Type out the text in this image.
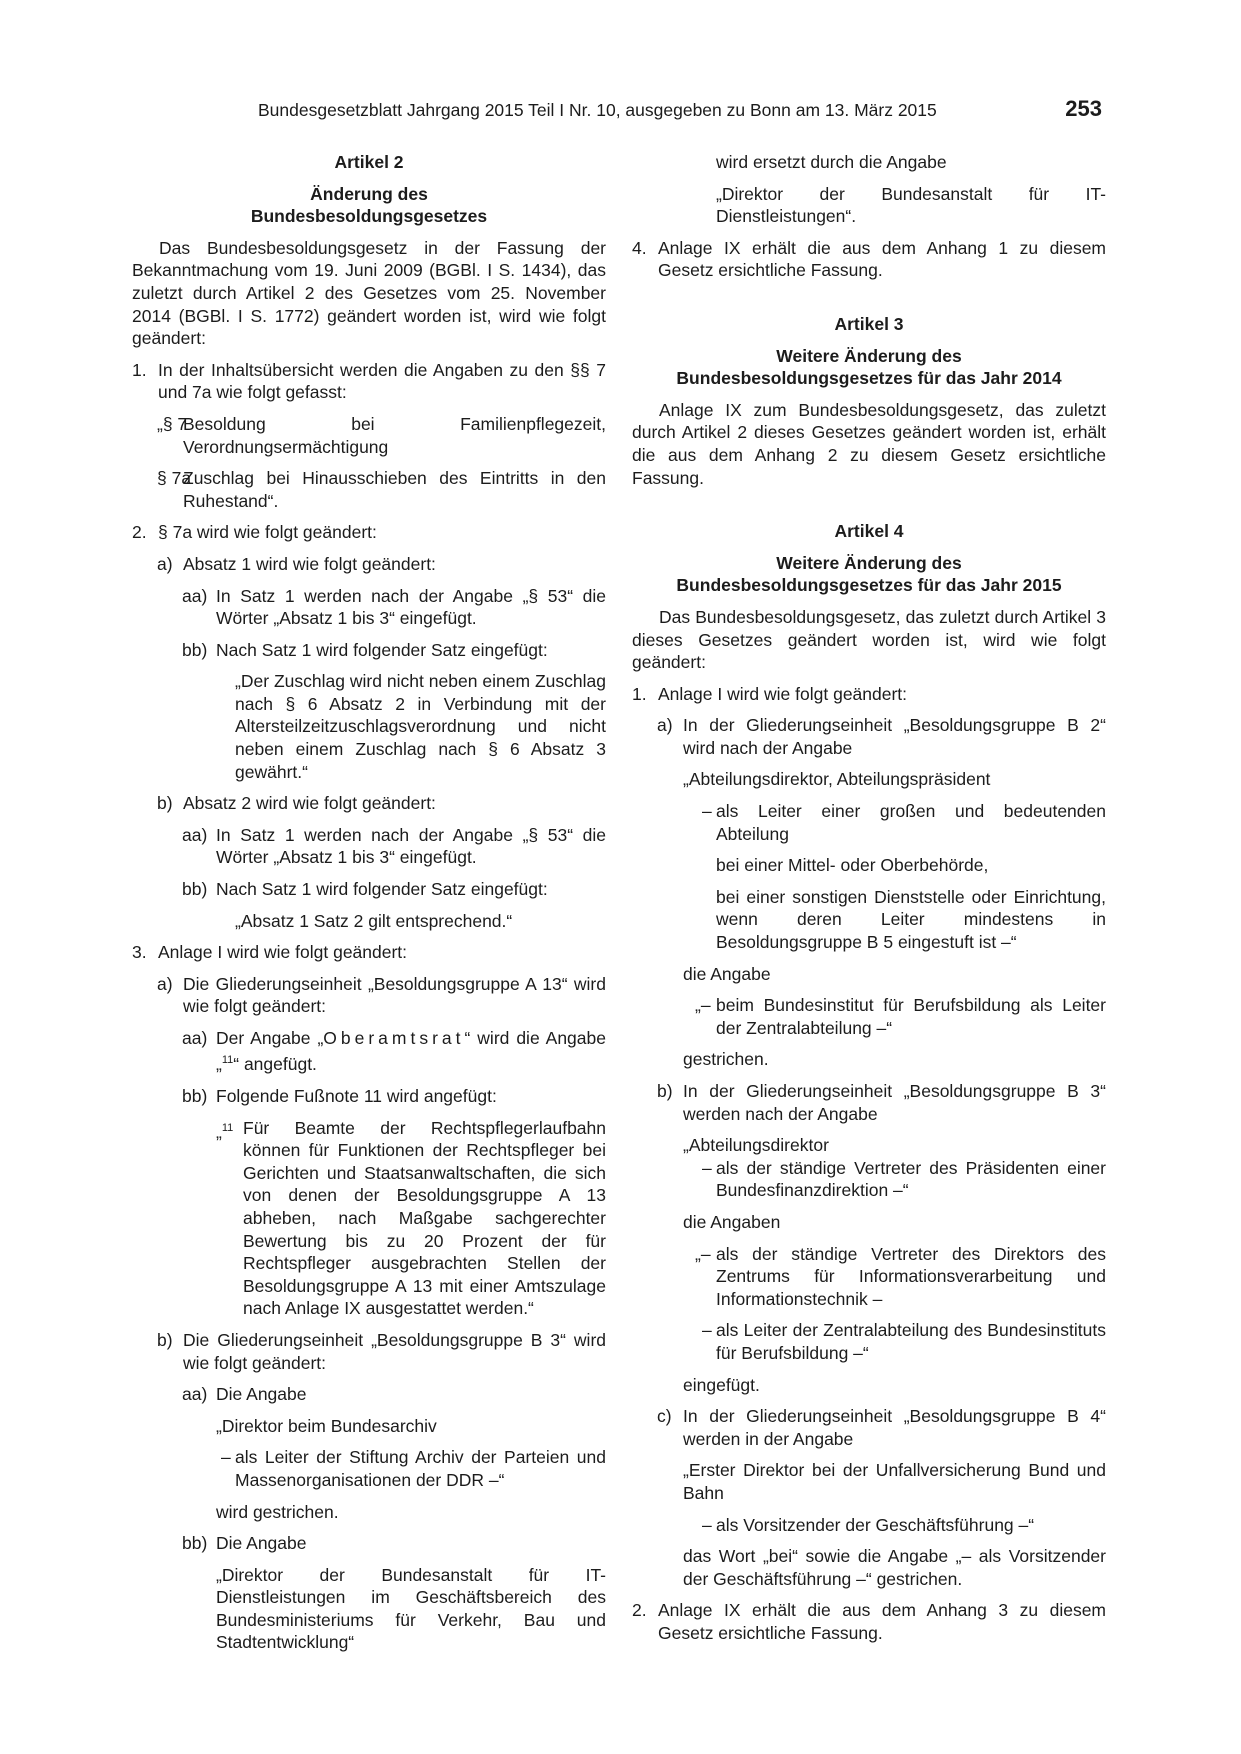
Bundesgesetzblatt Jahrgang 2015 Teil I Nr. 10, ausgegeben zu Bonn am 13. März 2015	253
Artikel 2
Änderung des
Bundesbesoldungsgesetzes

Das Bundesbesoldungsgesetz in der Fassung der Bekanntmachung vom 19. Juni 2009 (BGBl. I S. 1434), das zuletzt durch Artikel 2 des Gesetzes vom 25. November 2014 (BGBl. I S. 1772) geändert worden ist, wird wie folgt geändert:

1. In der Inhaltsübersicht werden die Angaben zu den §§ 7 und 7a wie folgt gefasst:
„§ 7
Besoldung bei Familienpflegezeit, Verordnungsermächtigung
§ 7a
Zuschlag bei Hinausschieben des Eintritts in den Ruhestand“.
2. § 7a wird wie folgt geändert:
a) Absatz 1 wird wie folgt geändert:
aa) In Satz 1 werden nach der Angabe „§ 53“ die Wörter „Absatz 1 bis 3“ eingefügt.
bb) Nach Satz 1 wird folgender Satz eingefügt:

„Der Zuschlag wird nicht neben einem Zuschlag nach § 6 Absatz 2 in Verbindung mit der Altersteilzeitzuschlagsverordnung und nicht neben einem Zuschlag nach § 6 Absatz 3 gewährt.“

b) Absatz 2 wird wie folgt geändert:
aa) In Satz 1 werden nach der Angabe „§ 53“ die Wörter „Absatz 1 bis 3“ eingefügt.
bb) Nach Satz 1 wird folgender Satz eingefügt:

„Absatz 1 Satz 2 gilt entsprechend.“

3. Anlage I wird wie folgt geändert:
a) Die Gliederungseinheit „Besoldungsgruppe A 13“ wird wie folgt geändert:
aa) Der Angabe „Oberamtsrat“ wird die Angabe „$^{11}$“ angefügt.
bb) Folgende Fußnote 11 wird angefügt:
„$^{11}$ Für Beamte der Rechtspflegerlaufbahn können für Funktionen der Rechtspfleger bei Gerichten und Staatsanwaltschaften, die sich von denen der Besoldungsgruppe A 13 abheben, nach Maßgabe sachgerechter Bewertung bis zu 20 Prozent der für Rechtspfleger ausgebrachten Stellen der Besoldungsgruppe A 13 mit einer Amtszulage nach Anlage IX ausgestattet werden.“
b) Die Gliederungseinheit „Besoldungsgruppe B 3“ wird wie folgt geändert:
aa) Die Angabe

„Direktor beim Bundesarchiv

– als Leiter der Stiftung Archiv der Parteien und Massenorganisationen der DDR –“

wird gestrichen.

bb) Die Angabe

„Direktor der Bundesanstalt für IT-Dienstleistungen im Geschäftsbereich des Bundesministeriums für Verkehr, Bau und Stadtentwicklung“

wird ersetzt durch die Angabe

„Direktor der Bundesanstalt für IT-Dienstleistungen“.

4. Anlage IX erhält die aus dem Anhang 1 zu diesem Gesetz ersichtliche Fassung.
Artikel 3
Weitere Änderung des
Bundesbesoldungsgesetzes für das Jahr 2014

Anlage IX zum Bundesbesoldungsgesetz, das zuletzt durch Artikel 2 dieses Gesetzes geändert worden ist, erhält die aus dem Anhang 2 zu diesem Gesetz ersichtliche Fassung.

Artikel 4
Weitere Änderung des
Bundesbesoldungsgesetzes für das Jahr 2015

Das Bundesbesoldungsgesetz, das zuletzt durch Artikel 3 dieses Gesetzes geändert worden ist, wird wie folgt geändert:

1. Anlage I wird wie folgt geändert:
a) In der Gliederungseinheit „Besoldungsgruppe B 2“ wird nach der Angabe

„Abteilungsdirektor, Abteilungspräsident

– als Leiter einer großen und bedeutenden Abteilung

bei einer Mittel- oder Oberbehörde,

bei einer sonstigen Dienststelle oder Einrichtung, wenn deren Leiter mindestens in Besoldungsgruppe B 5 eingestuft ist –“

die Angabe

„– beim Bundesinstitut für Berufsbildung als Leiter der Zentralabteilung –“

gestrichen.

b) In der Gliederungseinheit „Besoldungsgruppe B 3“ werden nach der Angabe

„Abteilungsdirektor

– als der ständige Vertreter des Präsidenten einer Bundesfinanzdirektion –“

die Angaben

„– als der ständige Vertreter des Direktors des Zentrums für Informationsverarbeitung und Informationstechnik –
– als Leiter der Zentralabteilung des Bundesinstituts für Berufsbildung –“

eingefügt.

c) In der Gliederungseinheit „Besoldungsgruppe B 4“ werden in der Angabe

„Erster Direktor bei der Unfallversicherung Bund und Bahn

– als Vorsitzender der Geschäftsführung –“

das Wort „bei“ sowie die Angabe „– als Vorsitzender der Geschäftsführung –“ gestrichen.

2. Anlage IX erhält die aus dem Anhang 3 zu diesem Gesetz ersichtliche Fassung.
